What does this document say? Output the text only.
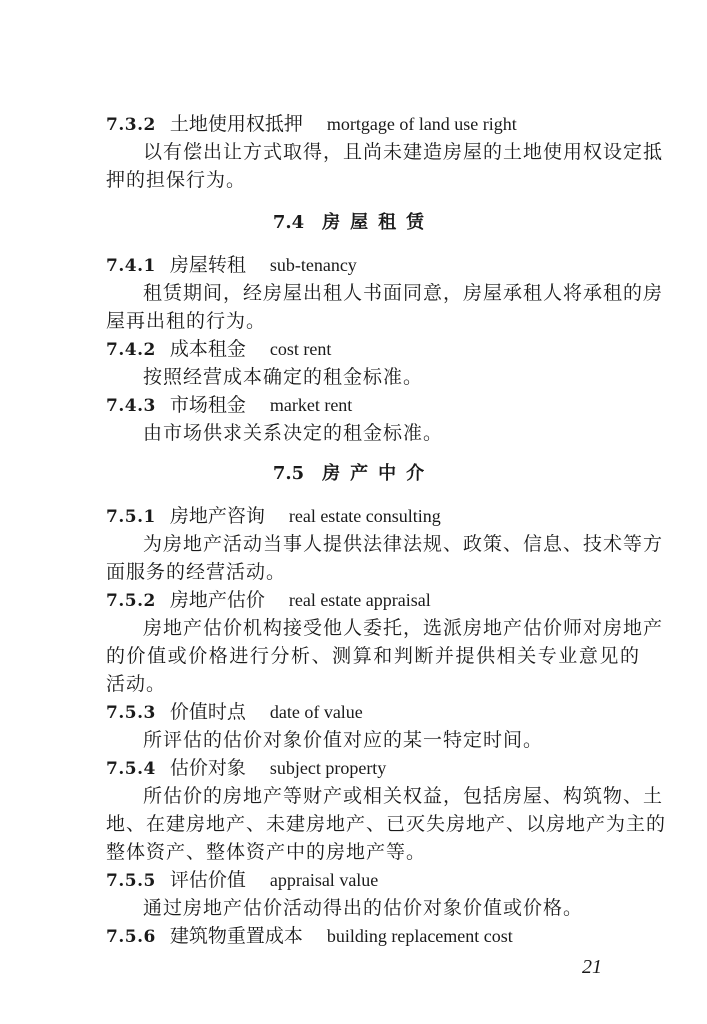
7.3.2 土地使用权抵押 mortgage of land use right
以有偿出让方式取得，且尚未建造房屋的土地使用权设定抵
押的担保行为。
7.4 房屋租赁
7.4.1 房屋转租 sub-tenancy
租赁期间，经房屋出租人书面同意，房屋承租人将承租的房
屋再出租的行为。
7.4.2 成本租金 cost rent
按照经营成本确定的租金标准。
7.4.3 市场租金 market rent
由市场供求关系决定的租金标准。
7.5 房产中介
7.5.1 房地产咨询 real estate consulting
为房地产活动当事人提供法律法规、政策、信息、技术等方
面服务的经营活动。
7.5.2 房地产估价 real estate appraisal
房地产估价机构接受他人委托，选派房地产估价师对房地产
的价值或价格进行分析、测算和判断并提供相关专业意见的
活动。
7.5.3 价值时点 date of value
所评估的估价对象价值对应的某一特定时间。
7.5.4 估价对象 subject property
所估价的房地产等财产或相关权益，包括房屋、构筑物、土
地、在建房地产、未建房地产、已灭失房地产、以房地产为主的
整体资产、整体资产中的房地产等。
7.5.5 评估价值 appraisal value
通过房地产估价活动得出的估价对象价值或价格。
7.5.6 建筑物重置成本 building replacement cost
21
